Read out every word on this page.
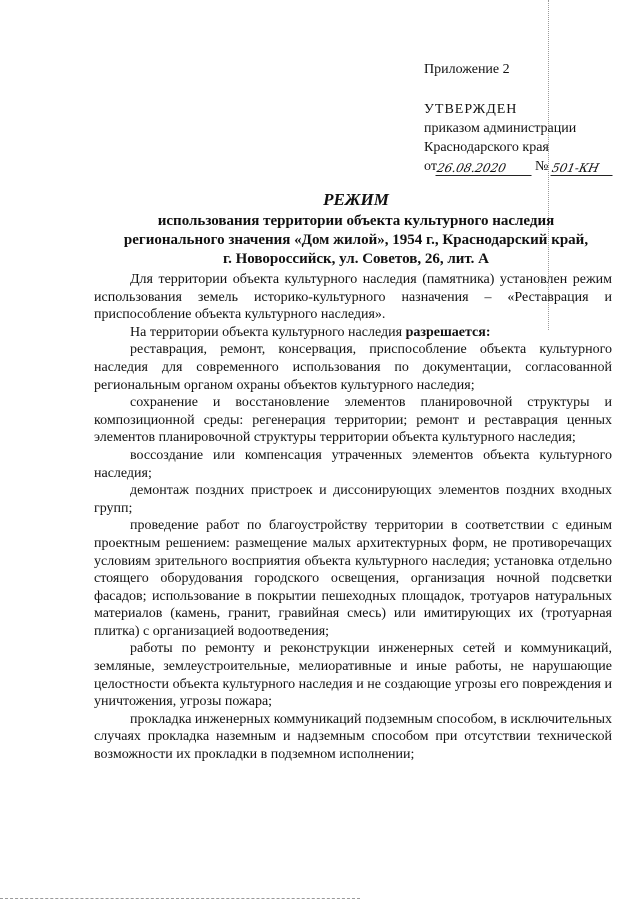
Приложение 2
УТВЕРЖДЕН
приказом администрации
Краснодарского края
от
26.08.2020	№ 501-КН
РЕЖИМ
использования территории объекта культурного наследия
регионального значения «Дом жилой», 1954 г., Краснодарский край,
г. Новороссийск, ул. Советов, 26, лит. А

Для территории объекта культурного наследия (памятника) установлен режим использования земель историко-культурного назначения – «Реставрация и приспособление объекта культурного наследия».

На территории объекта культурного наследия разрешается:

реставрация, ремонт, консервация, приспособление объекта культурного наследия для современного использования по документации, согласованной региональным органом охраны объектов культурного наследия;

сохранение и восстановление элементов планировочной структуры и композиционной среды: регенерация территории; ремонт и реставрация ценных элементов планировочной структуры территории объекта культурного наследия;

воссоздание или компенсация утраченных элементов объекта культурного наследия;

демонтаж поздних пристроек и диссонирующих элементов поздних входных групп;

проведение работ по благоустройству территории в соответствии с единым проектным решением: размещение малых архитектурных форм, не противоречащих условиям зрительного восприятия объекта культурного наследия; установка отдельно стоящего оборудования городского освещения, организация ночной подсветки фасадов; использование в покрытии пешеходных площадок, тротуаров натуральных материалов (камень, гранит, гравийная смесь) или имитирующих их (тротуарная плитка) с организацией водоотведения;

работы по ремонту и реконструкции инженерных сетей и коммуникаций, земляные, землеустроительные, мелиоративные и иные работы, не нарушающие целостности объекта культурного наследия и не создающие угрозы его повреждения и уничтожения, угрозы пожара;

прокладка инженерных коммуникаций подземным способом, в исключительных случаях прокладка наземным и надземным способом при отсутствии технической возможности их прокладки в подземном исполнении;
